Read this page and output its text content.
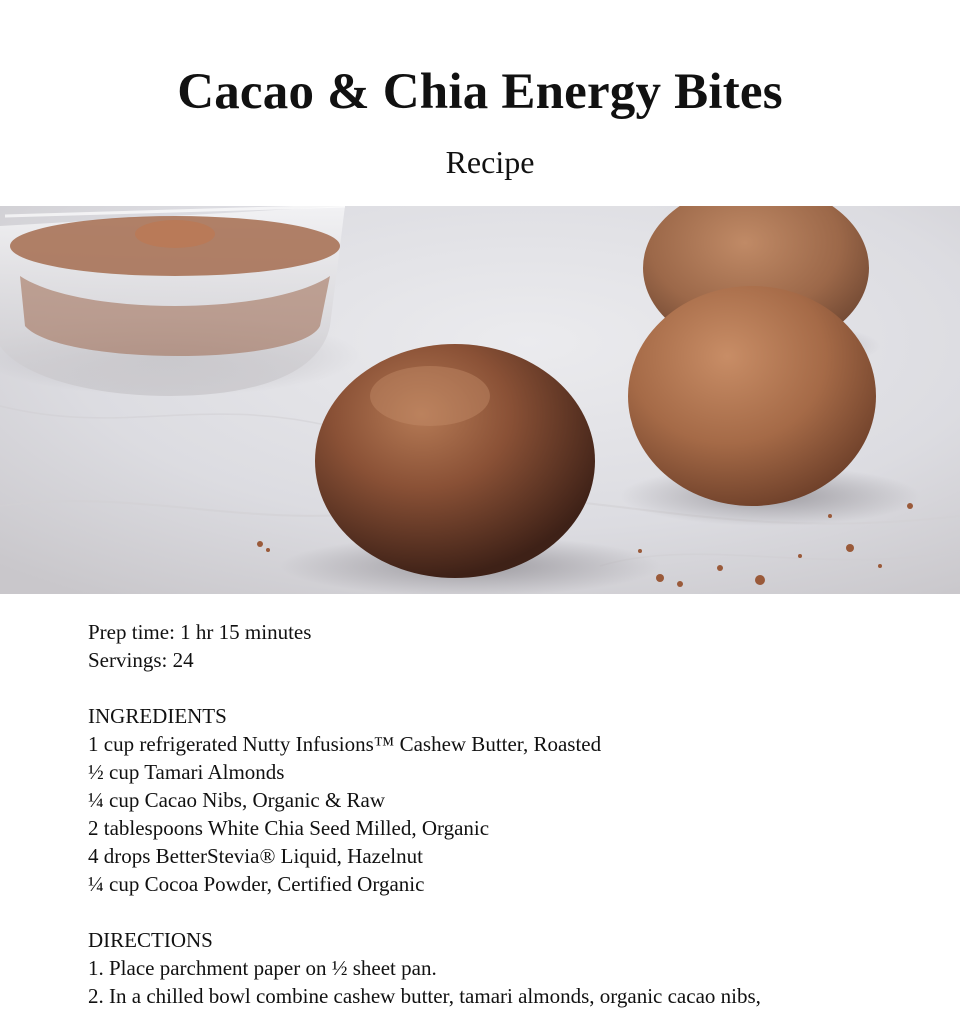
Cacao & Chia Energy Bites
Recipe
Prep time: 1 hr 15 minutes
Servings: 24
INGREDIENTS
1 cup refrigerated Nutty Infusions™ Cashew Butter, Roasted
½ cup Tamari Almonds
¼ cup Cacao Nibs, Organic & Raw
2 tablespoons White Chia Seed Milled, Organic
4 drops BetterStevia® Liquid, Hazelnut
¼ cup Cocoa Powder, Certified Organic
DIRECTIONS
1. Place parchment paper on ½ sheet pan.
2. In a chilled bowl combine cashew butter, tamari almonds, organic cacao nibs,
